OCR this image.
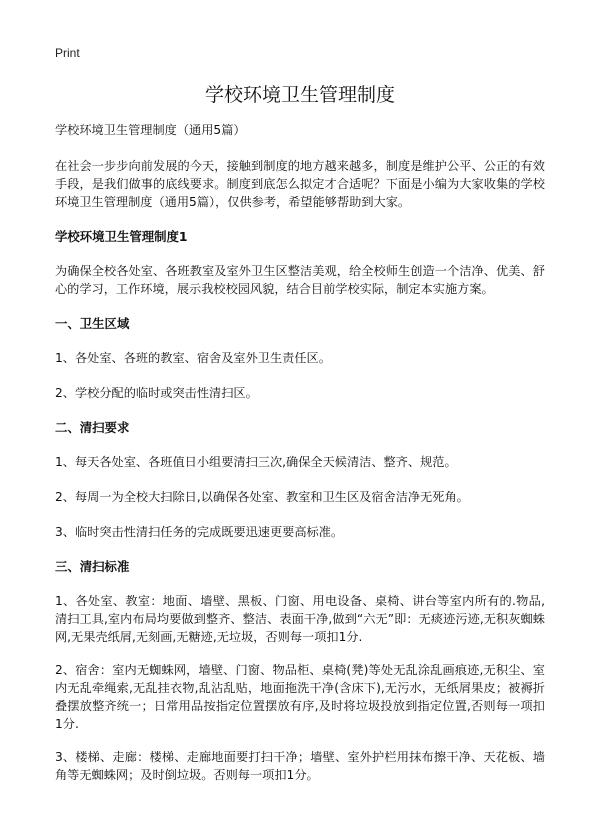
Print
学校环境卫生管理制度

学校环境卫生管理制度（通用5篇）

在社会一步步向前发展的今天，接触到制度的地方越来越多，制度是维护公平、公正的有效手段，是我们做事的底线要求。制度到底怎么拟定才合适呢？下面是小编为大家收集的学校环境卫生管理制度（通用5篇），仅供参考，希望能够帮助到大家。

学校环境卫生管理制度1

为确保全校各处室、各班教室及室外卫生区整洁美观，给全校师生创造一个洁净、优美、舒心的学习，工作环境，展示我校校园风貌，结合目前学校实际，制定本实施方案。

一、卫生区域

1、各处室、各班的教室、宿舍及室外卫生责任区。

2、学校分配的临时或突击性清扫区。

二、清扫要求

1、每天各处室、各班值日小组要清扫三次,确保全天候清洁、整齐、规范。

2、每周一为全校大扫除日,以确保各处室、教室和卫生区及宿舍洁净无死角。

3、临时突击性清扫任务的完成既要迅速更要高标准。

三、清扫标准

1、各处室、教室：地面、墙壁、黑板、门窗、用电设备、桌椅、讲台等室内所有的.物品,清扫工具,室内布局均要做到整齐、整洁、表面干净,做到“六无”即：无痰迹污迹,无积灰蜘蛛网,无果壳纸屑,无刻画,无糖迹,无垃圾，否则每一项扣1分.

2、宿舍：室内无蜘蛛网，墙壁、门窗、物品柜、桌椅(凳)等处无乱涂乱画痕迹,无积尘、室内无乱牵绳索,无乱挂衣物,乱沾乱贴，地面拖洗干净(含床下),无污水，无纸屑果皮；被褥折叠摆放整齐统一；日常用品按指定位置摆放有序,及时将垃圾投放到指定位置,否则每一项扣1分.

3、楼梯、走廊：楼梯、走廊地面要打扫干净；墙壁、室外护栏用抹布擦干净、天花板、墙角等无蜘蛛网；及时倒垃圾。否则每一项扣1分。
